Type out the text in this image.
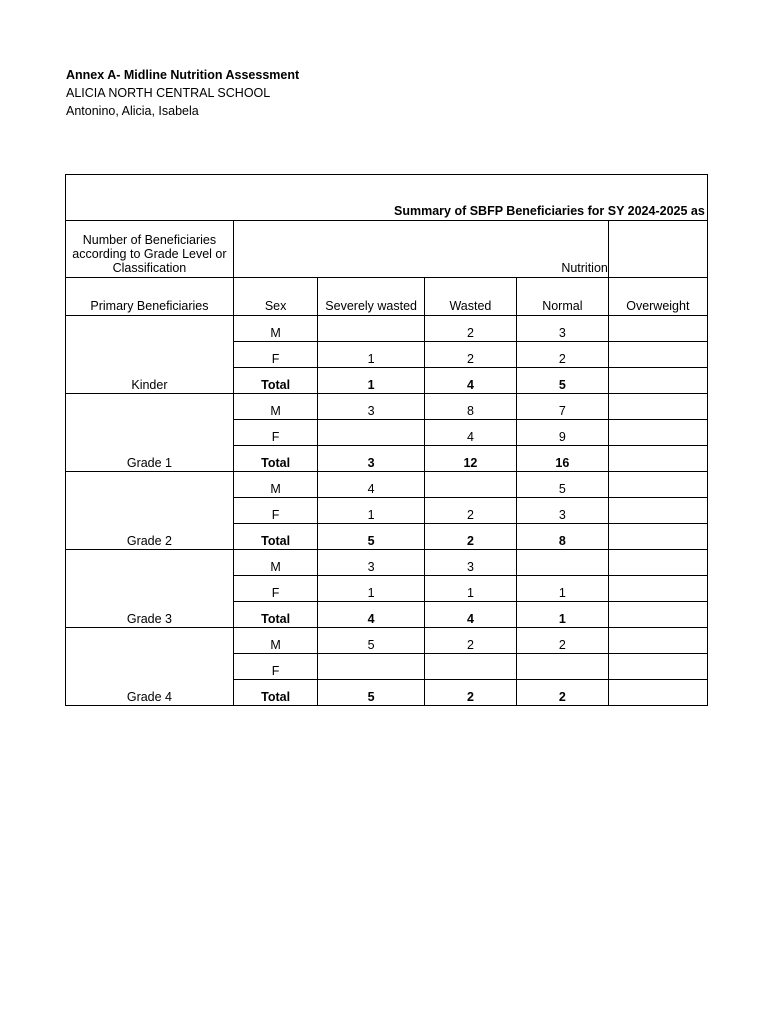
Annex A- Midline Nutrition Assessment
ALICIA NORTH CENTRAL SCHOOL
Antonino, Alicia, Isabela
Summary of SBFP Beneficiaries for SY 2024-2025 as					
Number of Beneficiaries according to Grade Level or Classification	Nutrition				
Primary Beneficiaries	Sex	Severely wasted	Wasted	Normal	Overweight
Kinder	M		2	3	
	F	1	2	2	
	Total	1	4	5	
Grade 1	M	3	8	7	
	F		4	9	
	Total	3	12	16	
Grade 2	M	4		5	
	F	1	2	3	
	Total	5	2	8	
Grade 3	M	3	3		
	F	1	1	1	
	Total	4	4	1	
Grade 4	M	5	2	2	
	F				
	Total	5	2	2	
